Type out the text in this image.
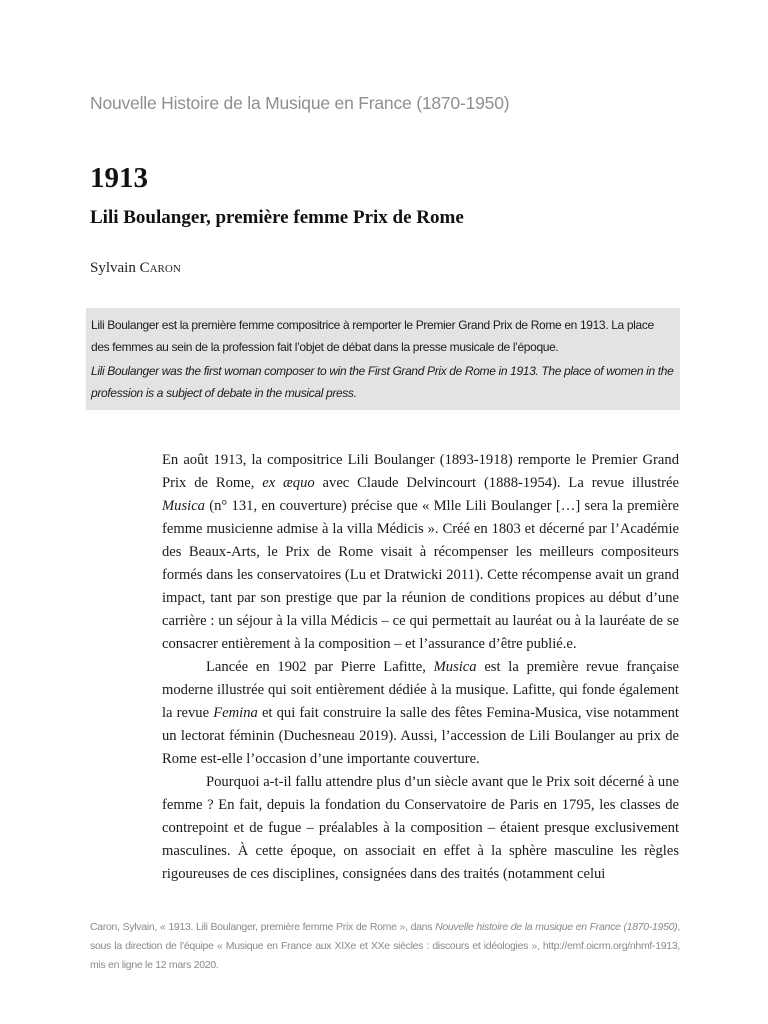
Nouvelle Histoire de la Musique en France (1870-1950)
1913
Lili Boulanger, première femme Prix de Rome
Sylvain Caron

Lili Boulanger est la première femme compositrice à remporter le Premier Grand Prix de Rome en 1913. La place des femmes au sein de la profession fait l’objet de débat dans la presse musicale de l’époque.

Lili Boulanger was the first woman composer to win the First Grand Prix de Rome in 1913. The place of women in the profession is a subject of debate in the musical press.

En août 1913, la compositrice Lili Boulanger (1893-1918) remporte le Premier Grand Prix de Rome, ex æquo avec Claude Delvincourt (1888-1954). La revue illustrée Musica (n° 131, en couverture) précise que « Mlle Lili Boulanger […] sera la première femme musicienne admise à la villa Médicis ». Créé en 1803 et décerné par l’Académie des Beaux-Arts, le Prix de Rome visait à récompenser les meilleurs compositeurs formés dans les conservatoires (Lu et Dratwicki 2011). Cette récompense avait un grand impact, tant par son prestige que par la réunion de conditions propices au début d’une carrière : un séjour à la villa Médicis – ce qui permettait au lauréat ou à la lauréate de se consacrer entièrement à la composition – et l’assurance d’être publié.e.

Lancée en 1902 par Pierre Lafitte, Musica est la première revue française moderne illustrée qui soit entièrement dédiée à la musique. Lafitte, qui fonde également la revue Femina et qui fait construire la salle des fêtes Femina-Musica, vise notamment un lectorat féminin (Duchesneau 2019). Aussi, l’accession de Lili Boulanger au prix de Rome est-elle l’occasion d’une importante couverture.

Pourquoi a-t-il fallu attendre plus d’un siècle avant que le Prix soit décerné à une femme ? En fait, depuis la fondation du Conservatoire de Paris en 1795, les classes de contrepoint et de fugue – préalables à la composition – étaient presque exclusivement masculines. À cette époque, on associait en effet à la sphère masculine les règles rigoureuses de ces disciplines, consignées dans des traités (notamment celui

Caron, Sylvain, « 1913. Lili Boulanger, première femme Prix de Rome », dans Nouvelle histoire de la musique en France (1870-1950), sous la direction de l’équipe « Musique en France aux XIXe et XXe siècles : discours et idéologies », http://emf.oicrm.org/nhmf-1913, mis en ligne le 12 mars 2020.
